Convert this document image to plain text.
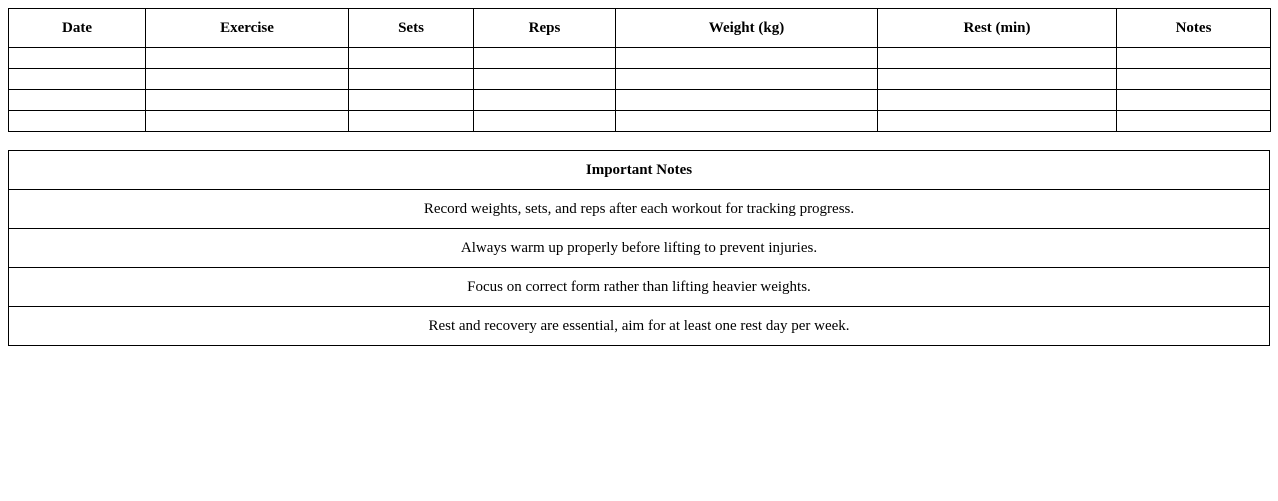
Date	Exercise	Sets	Reps	Weight (kg)	Rest (min)	Notes

Important Notes
Record weights, sets, and reps after each workout for tracking progress.
Always warm up properly before lifting to prevent injuries.
Focus on correct form rather than lifting heavier weights.
Rest and recovery are essential, aim for at least one rest day per week.
